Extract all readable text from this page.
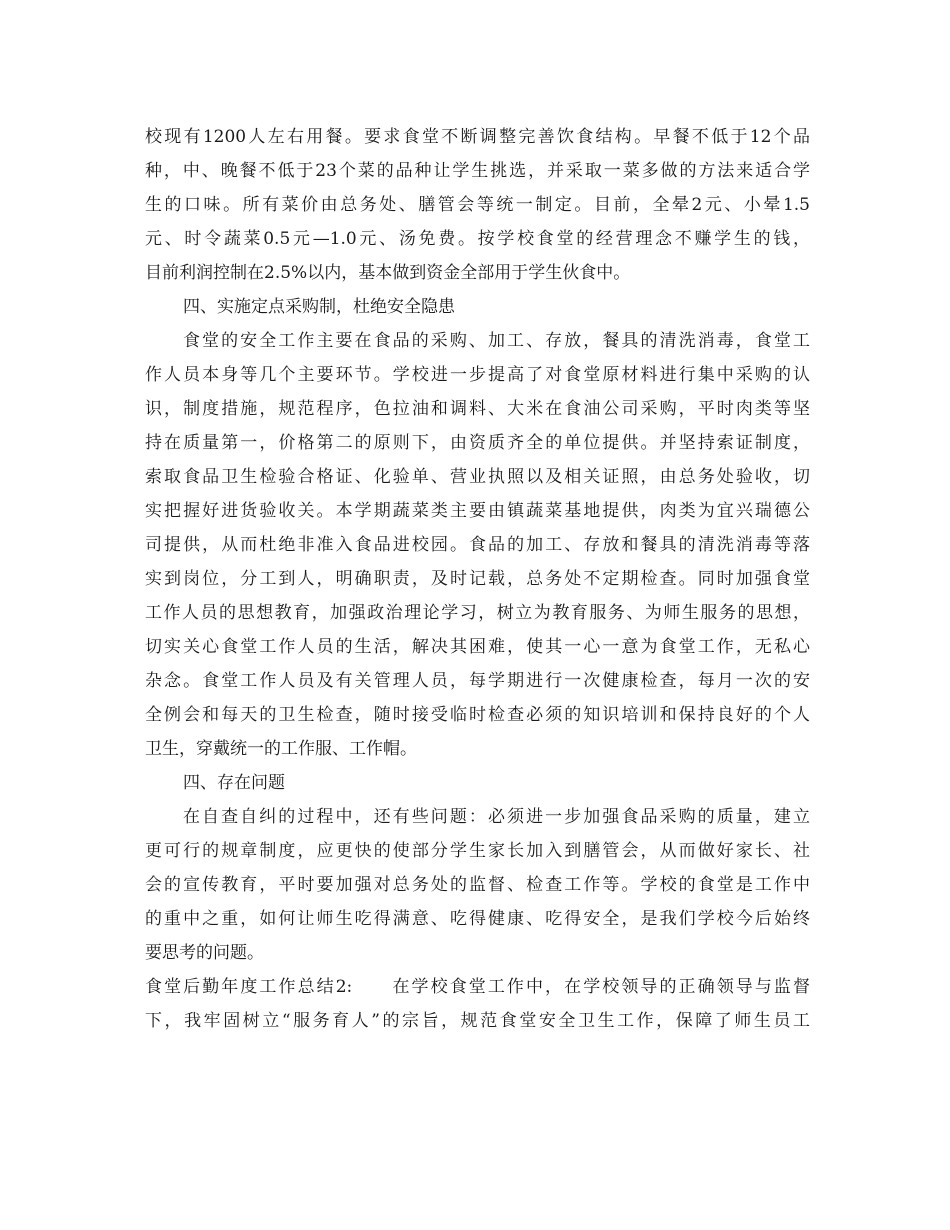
校现有1200人左右用餐。要求食堂不断调整完善饮食结构。早餐不低于12个品
种，中、晚餐不低于23个菜的品种让学生挑选，并采取一菜多做的方法来适合学
生的口味。所有菜价由总务处、膳管会等统一制定。目前，全晕2元、小晕1.5
元、时令蔬菜0.5元—1.0元、汤免费。按学校食堂的经营理念不赚学生的钱，
目前利润控制在2.5%以内，基本做到资金全部用于学生伙食中。
四、实施定点采购制，杜绝安全隐患
食堂的安全工作主要在食品的采购、加工、存放，餐具的清洗消毒，食堂工
作人员本身等几个主要环节。学校进一步提高了对食堂原材料进行集中采购的认
识，制度措施，规范程序，色拉油和调料、大米在食油公司采购，平时肉类等坚
持在质量第一，价格第二的原则下，由资质齐全的单位提供。并坚持索证制度，
索取食品卫生检验合格证、化验单、营业执照以及相关证照，由总务处验收，切
实把握好进货验收关。本学期蔬菜类主要由镇蔬菜基地提供，肉类为宜兴瑞德公
司提供，从而杜绝非准入食品进校园。食品的加工、存放和餐具的清洗消毒等落
实到岗位，分工到人，明确职责，及时记载，总务处不定期检查。同时加强食堂
工作人员的思想教育，加强政治理论学习，树立为教育服务、为师生服务的思想，
切实关心食堂工作人员的生活，解决其困难，使其一心一意为食堂工作，无私心
杂念。食堂工作人员及有关管理人员，每学期进行一次健康检查，每月一次的安
全例会和每天的卫生检查，随时接受临时检查必须的知识培训和保持良好的个人
卫生，穿戴统一的工作服、工作帽。
四、存在问题
在自查自纠的过程中，还有些问题：必须进一步加强食品采购的质量，建立
更可行的规章制度，应更快的使部分学生家长加入到膳管会，从而做好家长、社
会的宣传教育，平时要加强对总务处的监督、检查工作等。学校的食堂是工作中
的重中之重，如何让师生吃得满意、吃得健康、吃得安全，是我们学校今后始终
要思考的问题。
食堂后勤年度工作总结2:　　在学校食堂工作中，在学校领导的正确领导与监督
下，我牢固树立“服务育人”的宗旨，规范食堂安全卫生工作，保障了师生员工
